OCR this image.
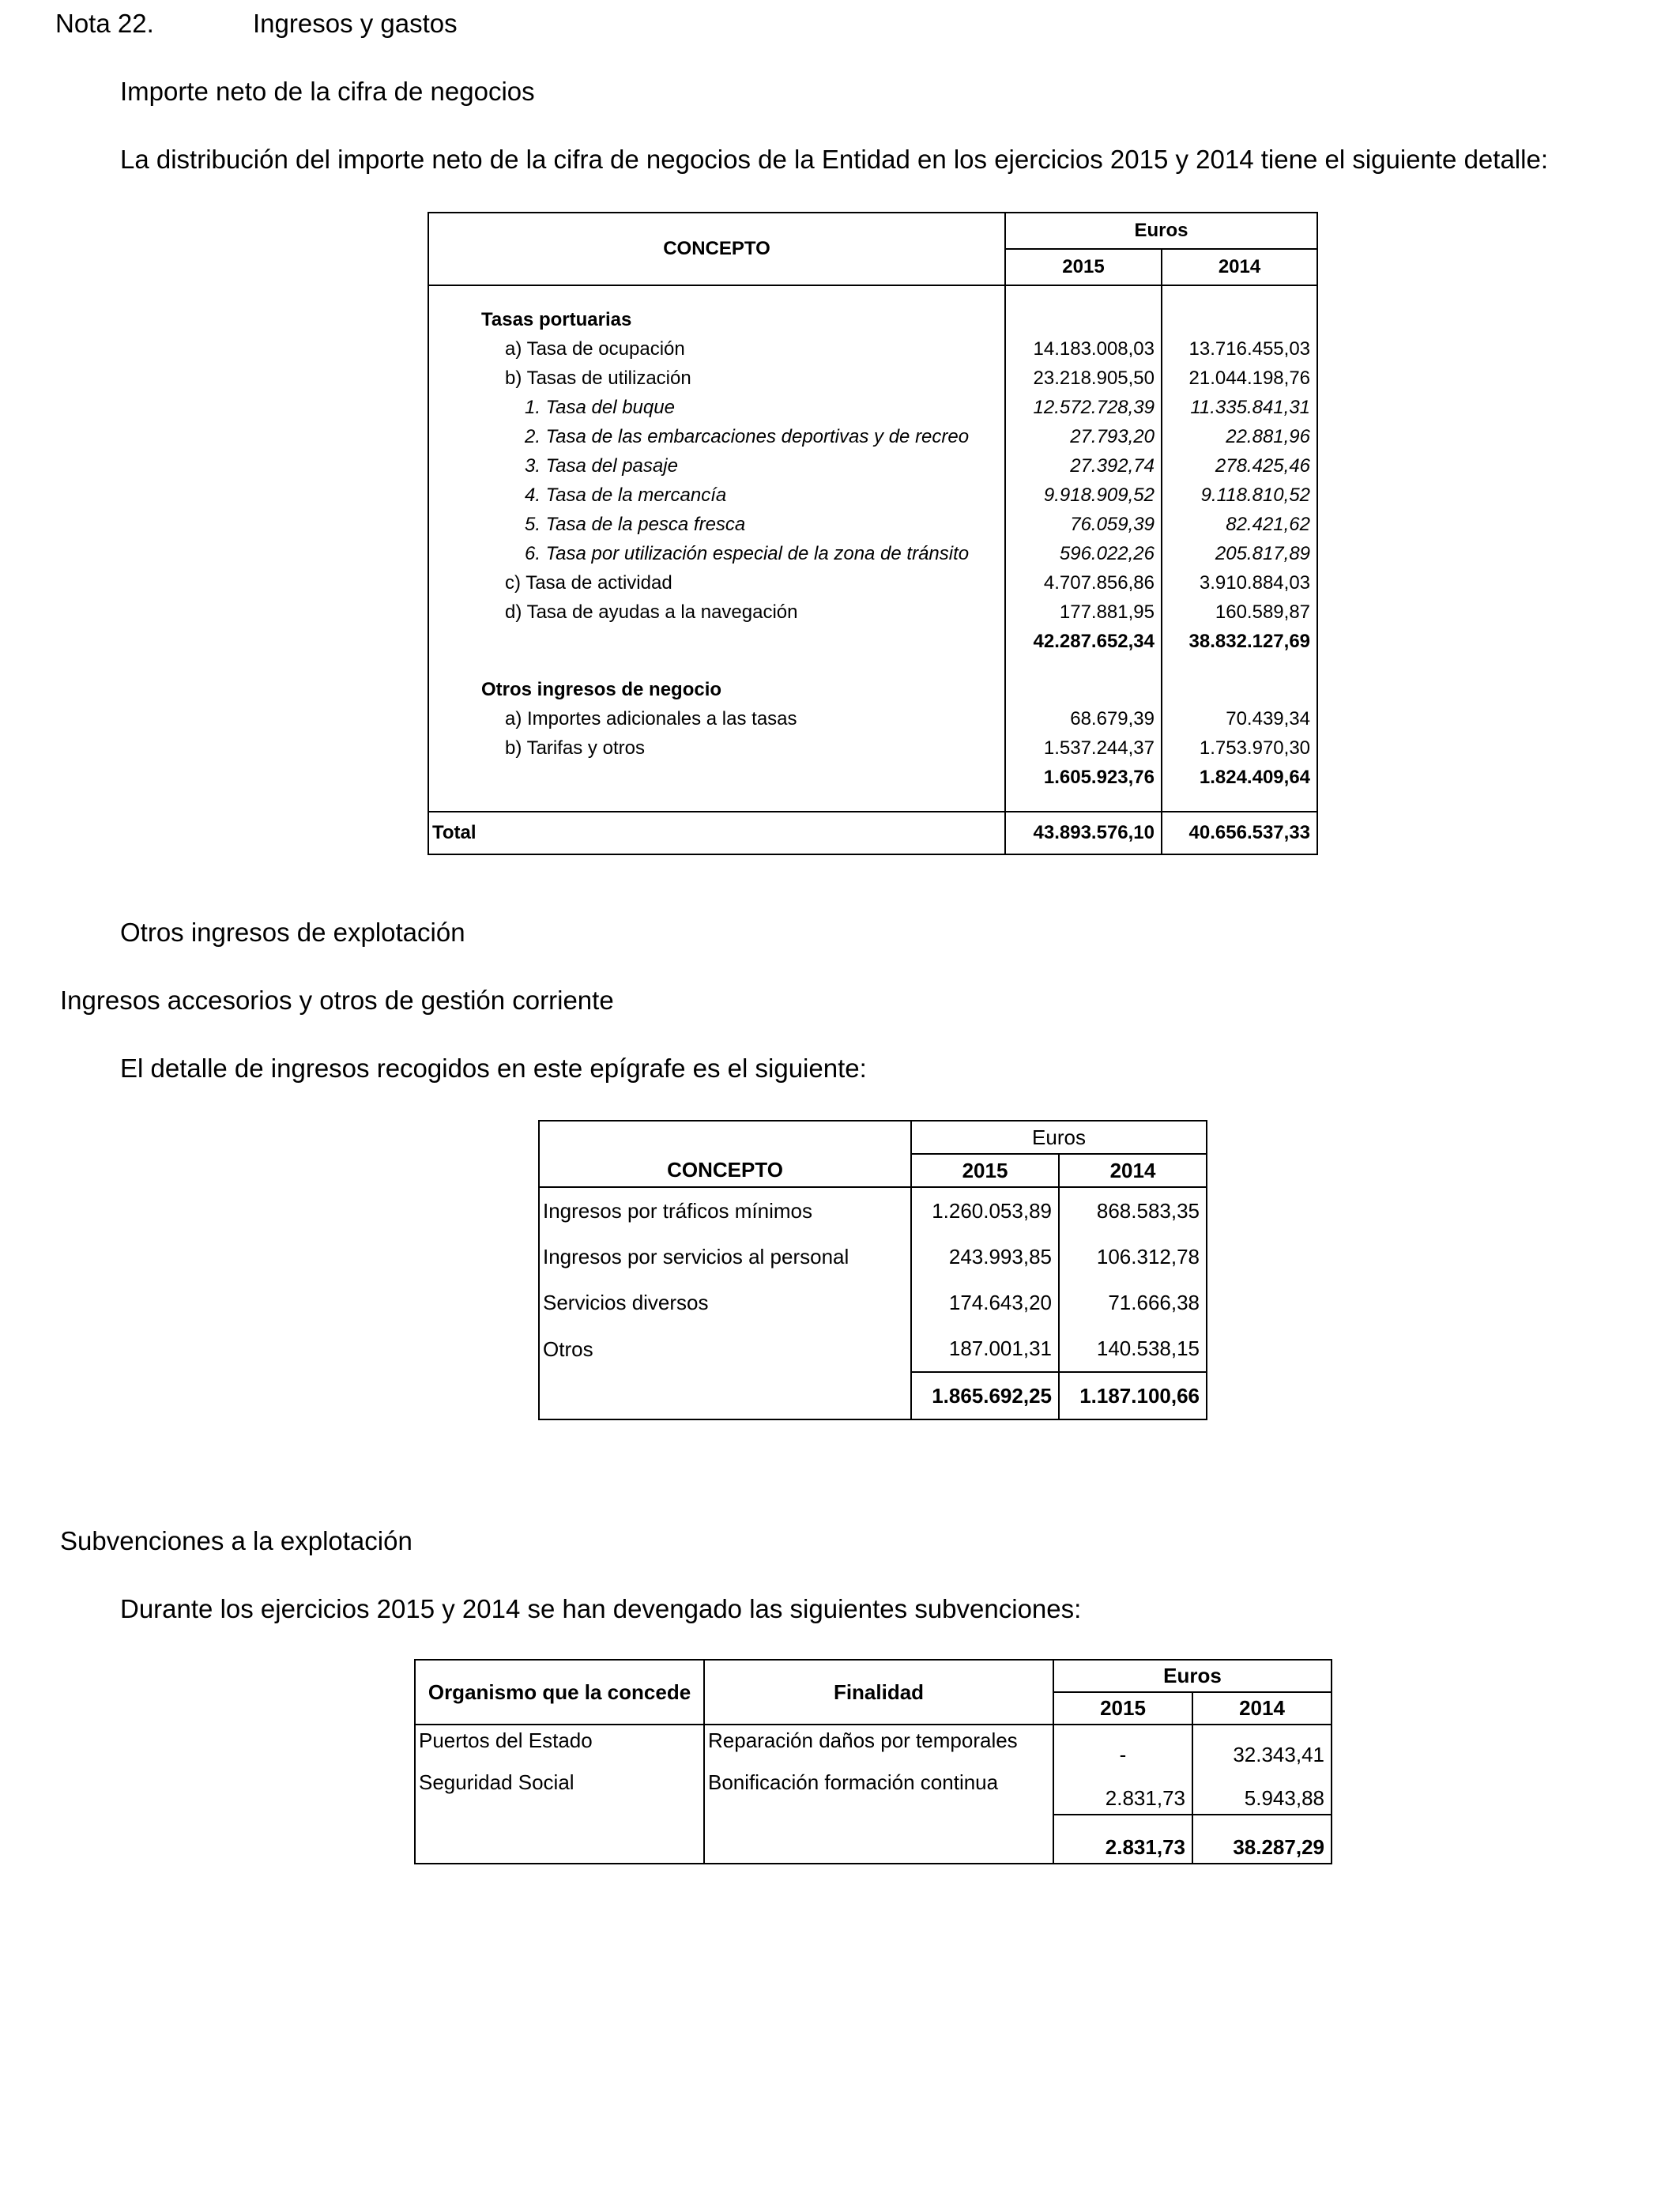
Nota 22.	Ingresos y gastos
Importe neto de la cifra de negocios
La distribución del importe neto de la cifra de negocios de la Entidad en los ejercicios 2015 y 2014 tiene el siguiente detalle:
CONCEPTO	Euros	
	2015	2014

Tasas portuarias		
a) Tasa de ocupación	14.183.008,03	13.716.455,03
b) Tasas de utilización	23.218.905,50	21.044.198,76
1. Tasa del buque	12.572.728,39	11.335.841,31
2. Tasa de las embarcaciones deportivas y de recreo	27.793,20	22.881,96
3. Tasa del pasaje	27.392,74	278.425,46
4. Tasa de la mercancía	9.918.909,52	9.118.810,52
5. Tasa de la pesca fresca	76.059,39	82.421,62
6. Tasa por utilización especial de la zona de tránsito	596.022,26	205.817,89
c) Tasa de actividad	4.707.856,86	3.910.884,03
d) Tasa de ayudas a la navegación	177.881,95	160.589,87
	42.287.652,34	38.832.127,69

Otros ingresos de negocio		
a) Importes adicionales a las tasas	68.679,39	70.439,34
b) Tarifas y otros	1.537.244,37	1.753.970,30
	1.605.923,76	1.824.409,64

Total	43.893.576,10	40.656.537,33
Otros ingresos de explotación
Ingresos accesorios y otros de gestión corriente
El detalle de ingresos recogidos en este epígrafe es el siguiente:
	Euros	
CONCEPTO	2015	2014
Ingresos por tráficos mínimos	1.260.053,89	868.583,35
Ingresos por servicios al personal	243.993,85	106.312,78
Servicios diversos	174.643,20	71.666,38
Otros	187.001,31	140.538,15
	1.865.692,25	1.187.100,66
Subvenciones a la explotación
Durante los ejercicios 2015 y 2014 se han devengado las siguientes subvenciones:
Organismo que la concede	Finalidad	Euros	
		2015	2014
Puertos del Estado	Reparación daños por temporales	-	32.343,41
Seguridad Social	Bonificación formación continua	2.831,73	5.943,88
		2.831,73	38.287,29
